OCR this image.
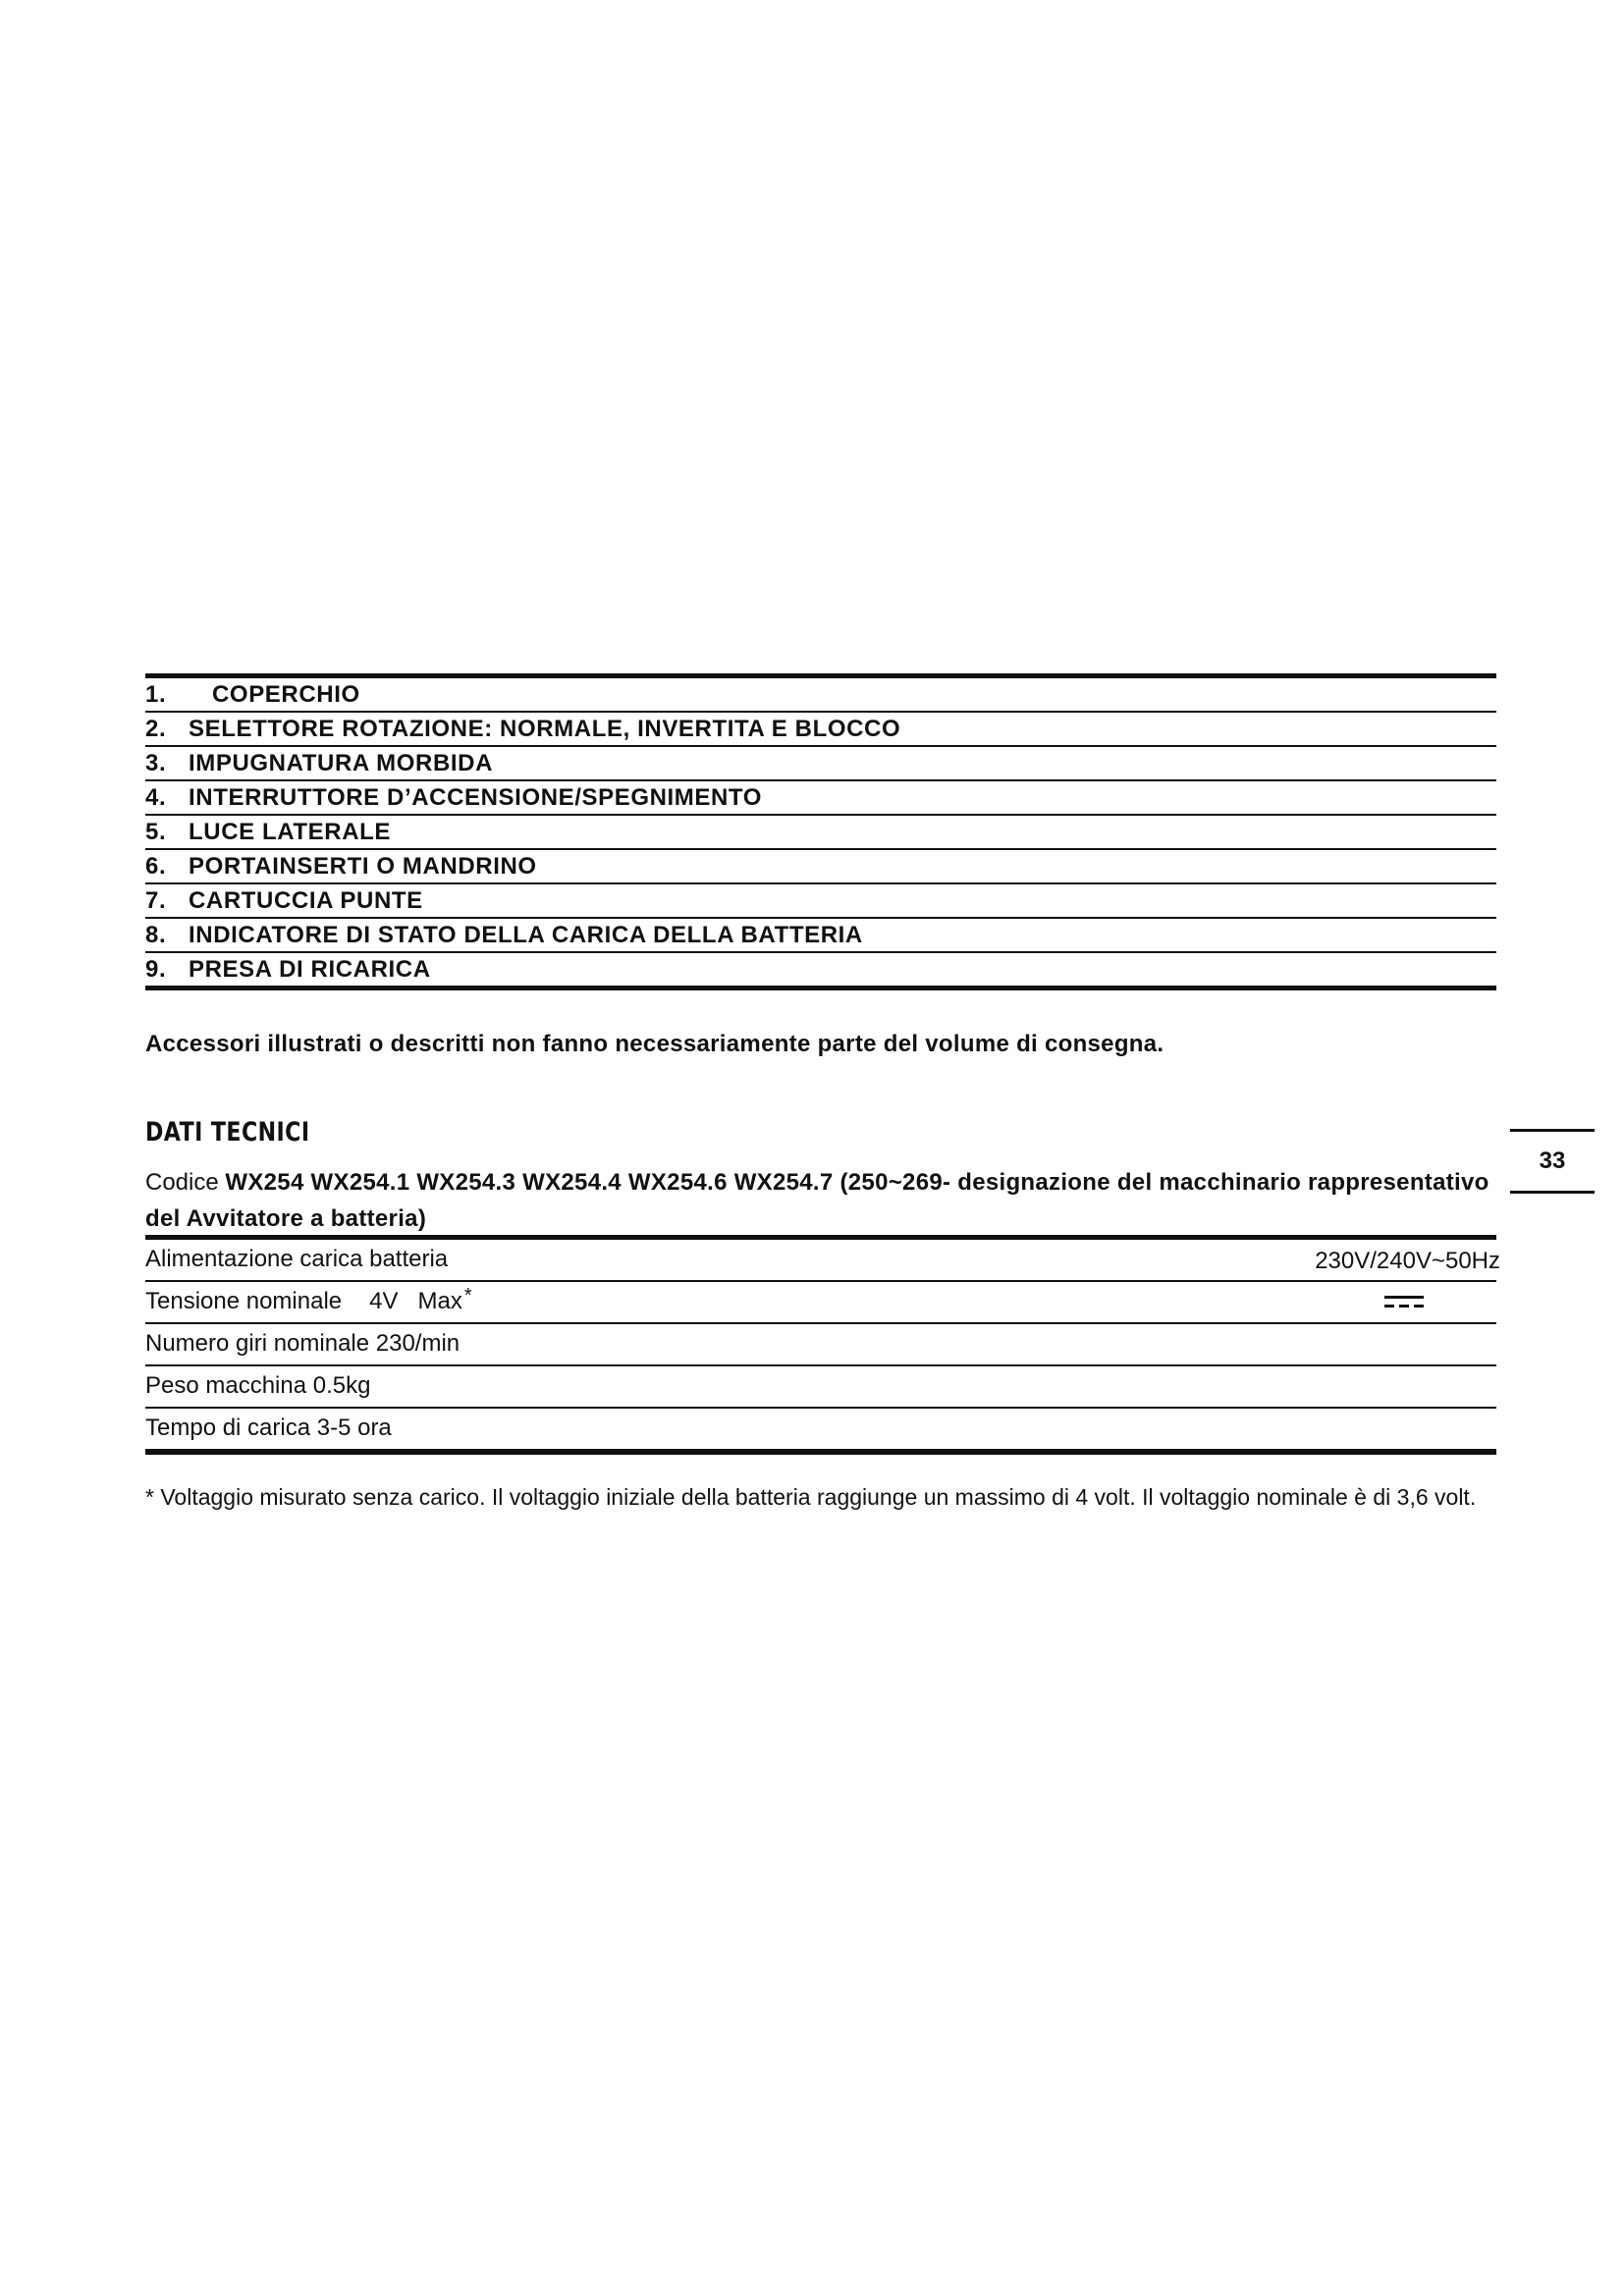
1. COPERCHIO
2. SELETTORE ROTAZIONE: NORMALE, INVERTITA E BLOCCO
3. IMPUGNATURA MORBIDA
4. INTERRUTTORE D’ACCENSIONE/SPEGNIMENTO
5. LUCE LATERALE
6. PORTAINSERTI O MANDRINO
7. CARTUCCIA PUNTE
8. INDICATORE DI STATO DELLA CARICA DELLA BATTERIA
9. PRESA DI RICARICA
Accessori illustrati o descritti non fanno necessariamente parte del volume di consegna.
DATI TECNICI
Codice WX254 WX254.1 WX254.3 WX254.4 WX254.6 WX254.7 (250~269- designazione del macchinario rappresentativo del Avvitatore a batteria)
Alimentazione carica batteria	230V/240V~50Hz
Tensione nominale 4V Max *
Numero giri nominale 230/min
Peso macchina 0.5kg
Tempo di carica 3-5 ora
* Voltaggio misurato senza carico. Il voltaggio iniziale della batteria raggiunge un massimo di 4 volt. Il voltaggio nominale è di 3,6 volt.
33
